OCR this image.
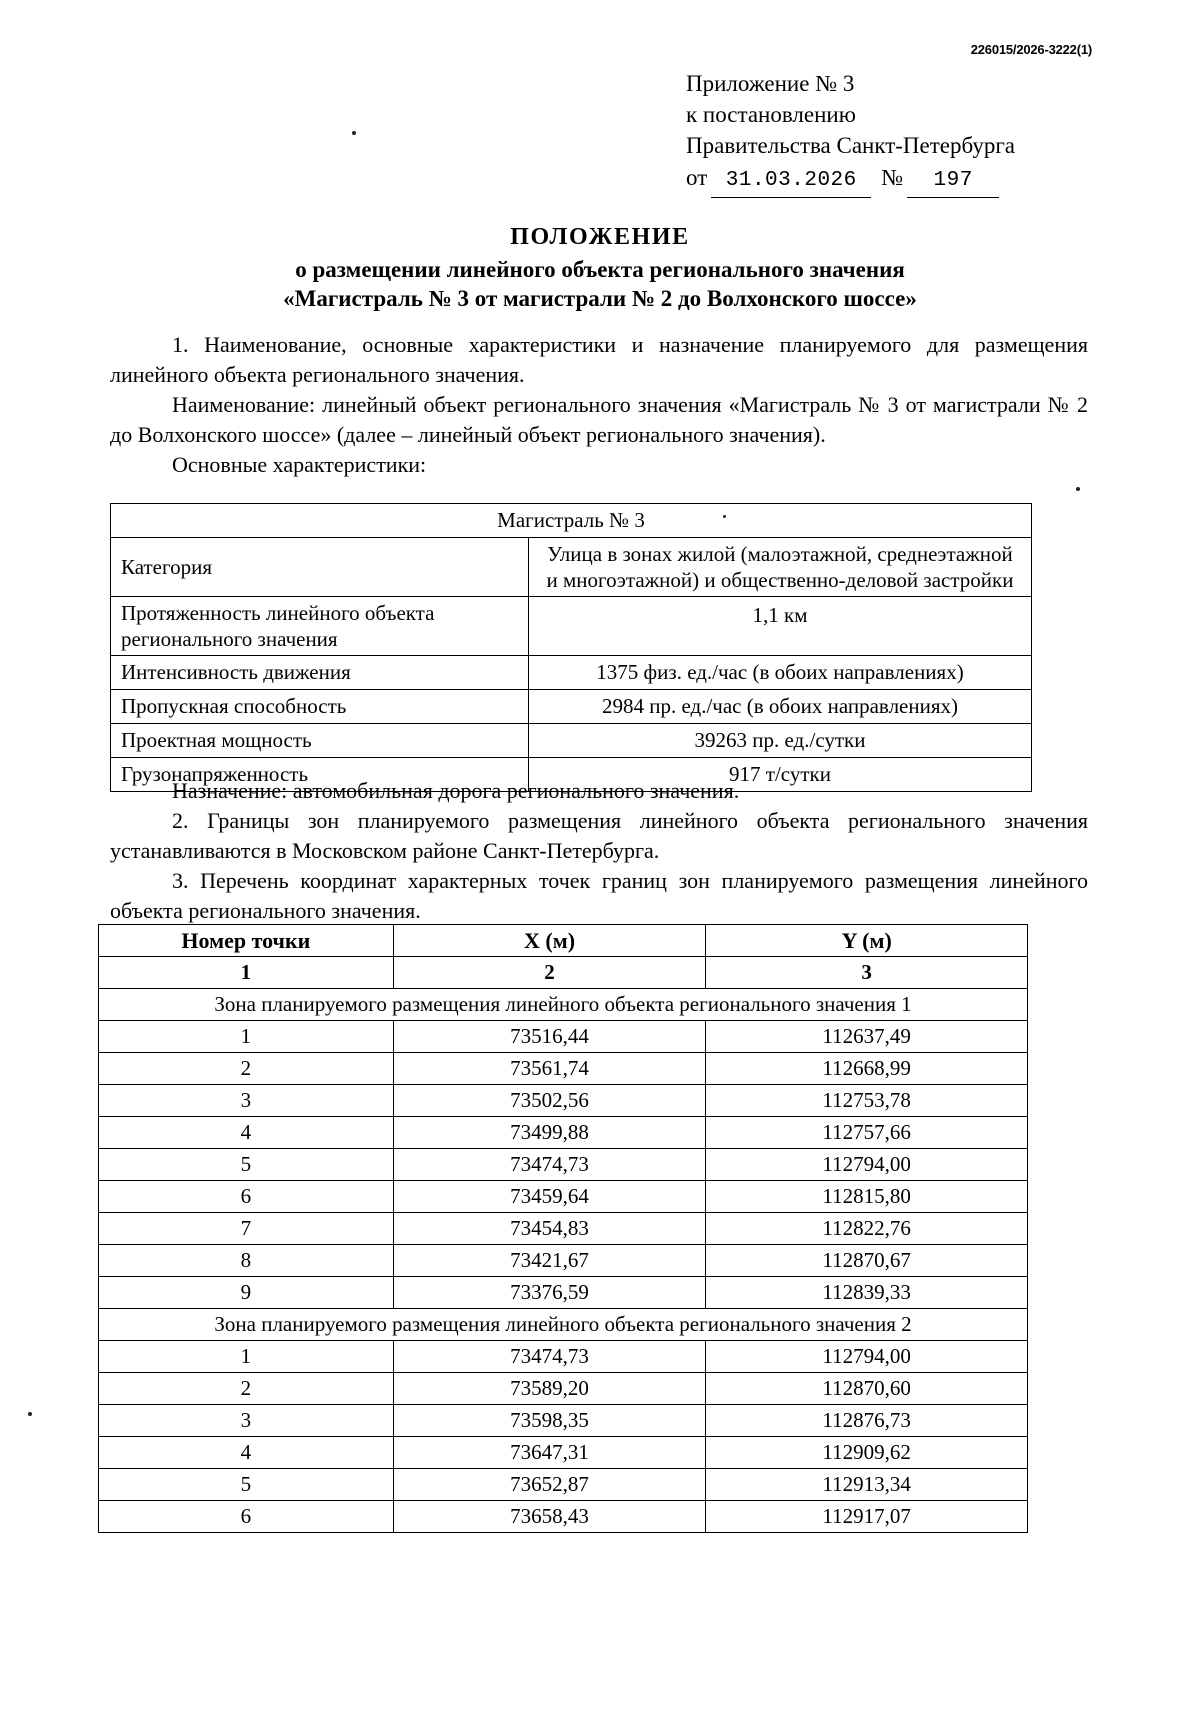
226015/2026-3222(1)
Приложение № 3
к постановлению
Правительства Санкт-Петербурга
от 31.03.2026	№	197
ПОЛОЖЕНИЕ
о размещении линейного объекта регионального значения
«Магистраль № 3 от магистрали № 2 до Волхонского шоссе»

1. Наименование, основные характеристики и назначение планируемого для размещения линейного объекта регионального значения.

Наименование: линейный объект регионального значения «Магистраль № 3 от магистрали № 2 до Волхонского шоссе» (далее – линейный объект регионального значения).

Основные характеристики:

Магистраль № 3	
Категория	Улица в зонах жилой (малоэтажной, среднеэтажной
и многоэтажной) и общественно-деловой застройки

Протяженность линейного объекта
регионального значения	1,1 км
Интенсивность движения	1375 физ. ед./час (в обоих направлениях)
Пропускная способность	2984 пр. ед./час (в обоих направлениях)
Проектная мощность	39263 пр. ед./сутки
Грузонапряженность	917 т/сутки

Назначение: автомобильная дорога регионального значения.

2. Границы зон планируемого размещения линейного объекта регионального значения устанавливаются в Московском районе Санкт-Петербурга.

3. Перечень координат характерных точек границ зон планируемого размещения линейного объекта регионального значения.

Номер точки	X (м)	Y (м)
1	2	3
Зона планируемого размещения линейного объекта регионального значения 1		
1	73516,44	112637,49
2	73561,74	112668,99
3	73502,56	112753,78
4	73499,88	112757,66
5	73474,73	112794,00
6	73459,64	112815,80
7	73454,83	112822,76
8	73421,67	112870,67
9	73376,59	112839,33
Зона планируемого размещения линейного объекта регионального значения 2		
1	73474,73	112794,00
2	73589,20	112870,60
3	73598,35	112876,73
4	73647,31	112909,62
5	73652,87	112913,34
6	73658,43	112917,07
